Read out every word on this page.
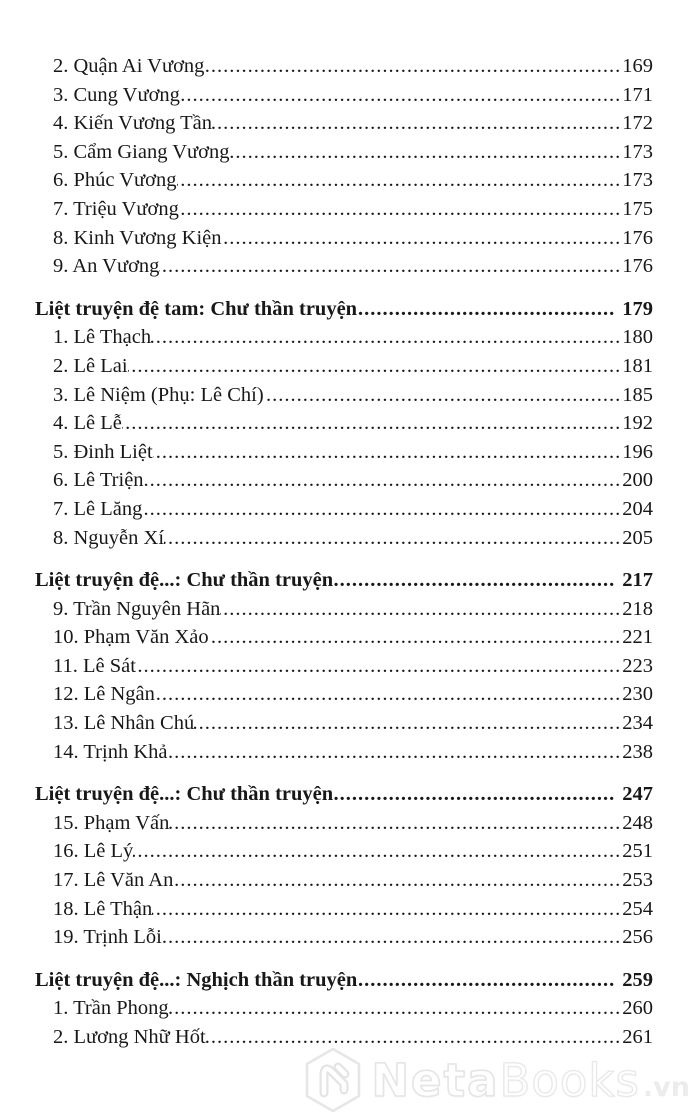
2. Quận Ai Vương .....	169
3. Cung Vương .....	171
4. Kiến Vương Tần .....	172
5. Cẩm Giang Vương .....	173
6. Phúc Vương .....	173
7. Triệu Vương .....	175
8. Kinh Vương Kiện .....	176
9. An Vương .....	176
Liệt truyện đệ tam: Chư thần truyện .....	179
1. Lê Thạch .....	180
2. Lê Lai .....	181
3. Lê Niệm (Phụ: Lê Chí) .....	185
4. Lê Lễ .....	192
5. Đinh Liệt .....	196
6. Lê Triện .....	200
7. Lê Lăng .....	204
8. Nguyễn Xí .....	205
Liệt truyện đệ...: Chư thần truyện .....	217
9. Trần Nguyên Hãn .....	218
10. Phạm Văn Xảo .....	221
11. Lê Sát .....	223
12. Lê Ngân .....	230
13. Lê Nhân Chú .....	234
14. Trịnh Khả .....	238
Liệt truyện đệ...: Chư thần truyện .....	247
15. Phạm Vấn .....	248
16. Lê Lý .....	251
17. Lê Văn An .....	253
18. Lê Thận .....	254
19. Trịnh Lỗi .....	256
Liệt truyện đệ...: Nghịch thần truyện .....	259
1. Trần Phong .....	260
2. Lương Nhữ Hốt .....	261
Neta Books .vn
